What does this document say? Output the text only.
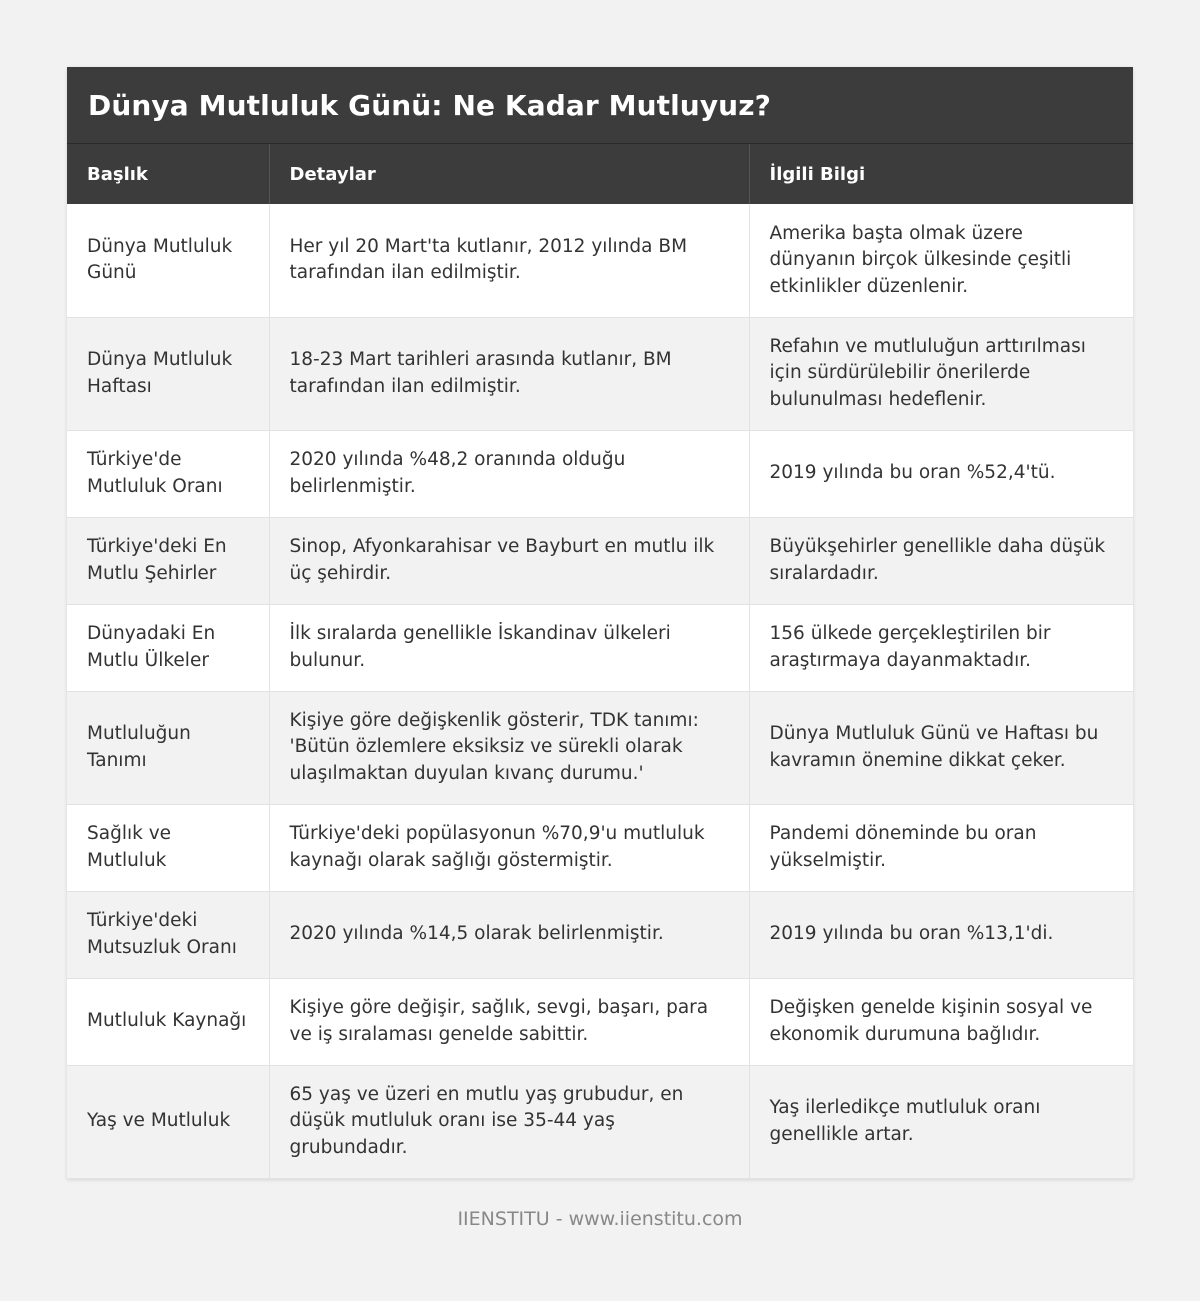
Dünya Mutluluk Günü: Ne Kadar Mutluyuz?
Başlık	Detaylar	İlgili Bilgi
Dünya Mutluluk Günü	Her yıl 20 Mart'ta kutlanır, 2012 yılında BM tarafından ilan edilmiştir.	Amerika başta olmak üzere dünyanın birçok ülkesinde çeşitli etkinlikler düzenlenir.
Dünya Mutluluk Haftası	18-23 Mart tarihleri arasında kutlanır, BM tarafından ilan edilmiştir.	Refahın ve mutluluğun arttırılması için sürdürülebilir önerilerde bulunulması hedeflenir.
Türkiye'de Mutluluk Oranı	2020 yılında %48,2 oranında olduğu belirlenmiştir.	2019 yılında bu oran %52,4'tü.
Türkiye'deki En Mutlu Şehirler	Sinop, Afyonkarahisar ve Bayburt en mutlu ilk üç şehirdir.	Büyükşehirler genellikle daha düşük sıralardadır.
Dünyadaki En Mutlu Ülkeler	İlk sıralarda genellikle İskandinav ülkeleri bulunur.	156 ülkede gerçekleştirilen bir araştırmaya dayanmaktadır.
Mutluluğun Tanımı	Kişiye göre değişkenlik gösterir, TDK tanımı: 'Bütün özlemlere eksiksiz ve sürekli olarak ulaşılmaktan duyulan kıvanç durumu.'	Dünya Mutluluk Günü ve Haftası bu kavramın önemine dikkat çeker.
Sağlık ve Mutluluk	Türkiye'deki popülasyonun %70,9'u mutluluk kaynağı olarak sağlığı göstermiştir.	Pandemi döneminde bu oran yükselmiştir.
Türkiye'deki Mutsuzluk Oranı	2020 yılında %14,5 olarak belirlenmiştir.	2019 yılında bu oran %13,1'di.
Mutluluk Kaynağı	Kişiye göre değişir, sağlık, sevgi, başarı, para ve iş sıralaması genelde sabittir.	Değişken genelde kişinin sosyal ve ekonomik durumuna bağlıdır.
Yaş ve Mutluluk	65 yaş ve üzeri en mutlu yaş grubudur, en düşük mutluluk oranı ise 35-44 yaş grubundadır.	Yaş ilerledikçe mutluluk oranı genellikle artar.
IIENSTITU - www.iienstitu.com
